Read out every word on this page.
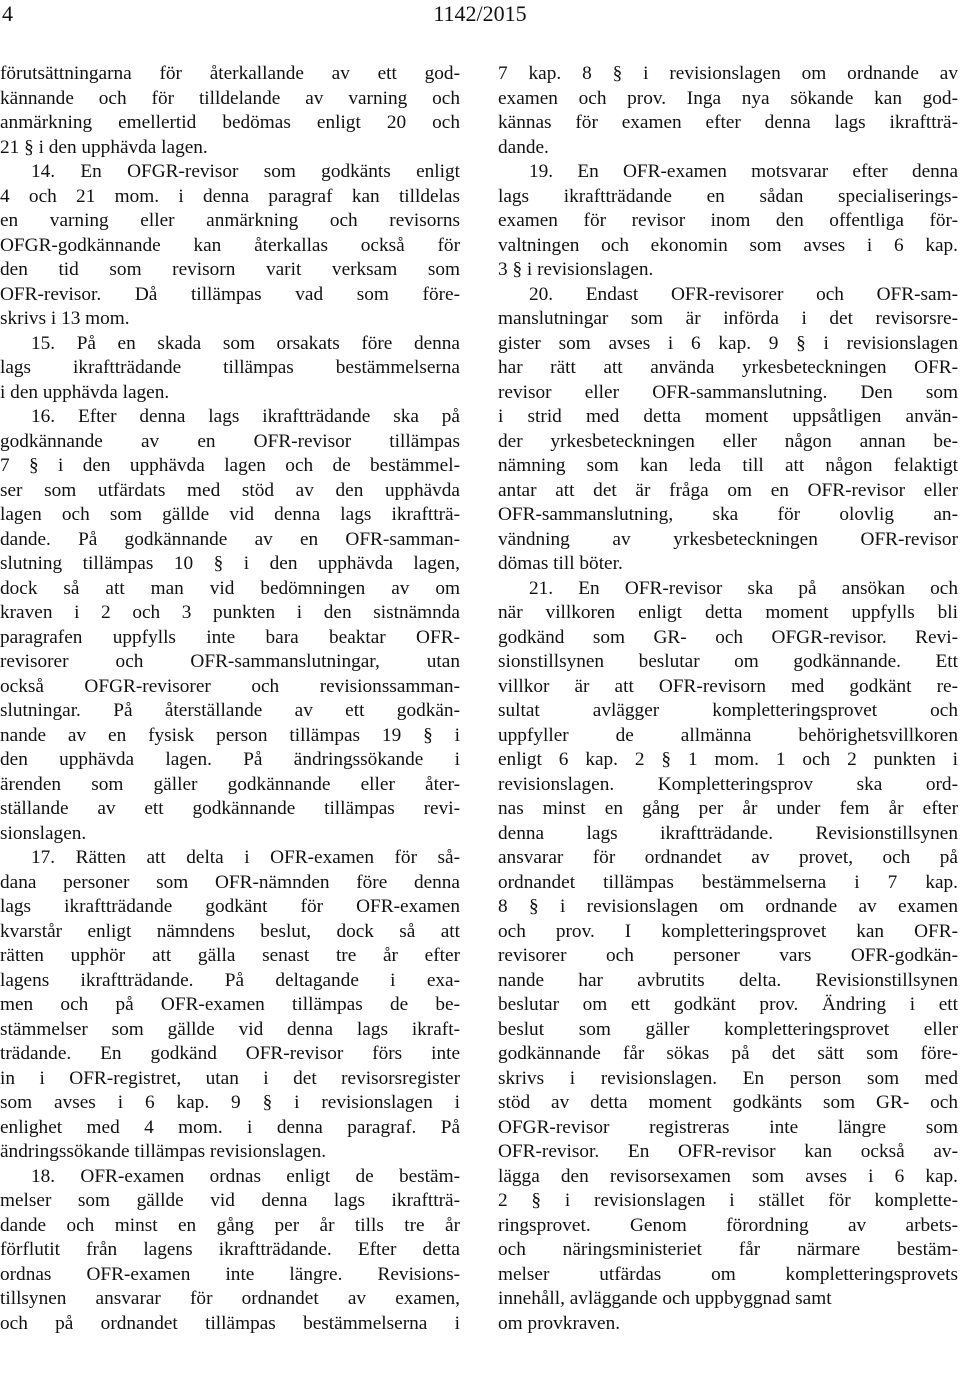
4	1142/2015
förutsättningarna för återkallande av ett god-
kännande och för tilldelande av varning och
anmärkning emellertid bedömas enligt 20 och
21 § i den upphävda lagen.
14. En OFGR-revisor som godkänts enligt
4 och 21 mom. i denna paragraf kan tilldelas
en varning eller anmärkning och revisorns
OFGR-godkännande kan återkallas också för
den tid som revisorn varit verksam som
OFR-revisor. Då tillämpas vad som före-
skrivs i 13 mom.
15. På en skada som orsakats före denna
lags ikraftträdande tillämpas bestämmelserna
i den upphävda lagen.
16. Efter denna lags ikraftträdande ska på
godkännande av en OFR-revisor tillämpas
7 § i den upphävda lagen och de bestämmel-
ser som utfärdats med stöd av den upphävda
lagen och som gällde vid denna lags ikraftträ-
dande. På godkännande av en OFR-samman-
slutning tillämpas 10 § i den upphävda lagen,
dock så att man vid bedömningen av om
kraven i 2 och 3 punkten i den sistnämnda
paragrafen uppfylls inte bara beaktar OFR-
revisorer och OFR-sammanslutningar, utan
också OFGR-revisorer och revisionssamman-
slutningar. På återställande av ett godkän-
nande av en fysisk person tillämpas 19 § i
den upphävda lagen. På ändringssökande i
ärenden som gäller godkännande eller åter-
ställande av ett godkännande tillämpas revi-
sionslagen.
17. Rätten att delta i OFR-examen för så-
dana personer som OFR-nämnden före denna
lags ikraftträdande godkänt för OFR-examen
kvarstår enligt nämndens beslut, dock så att
rätten upphör att gälla senast tre år efter
lagens ikraftträdande. På deltagande i exa-
men och på OFR-examen tillämpas de be-
stämmelser som gällde vid denna lags ikraft-
trädande. En godkänd OFR-revisor förs inte
in i OFR-registret, utan i det revisorsregister
som avses i 6 kap. 9 § i revisionslagen i
enlighet med 4 mom. i denna paragraf. På
ändringssökande tillämpas revisionslagen.
18. OFR-examen ordnas enligt de bestäm-
melser som gällde vid denna lags ikraftträ-
dande och minst en gång per år tills tre år
förflutit från lagens ikraftträdande. Efter detta
ordnas OFR-examen inte längre. Revisions-
tillsynen ansvarar för ordnandet av examen,
och på ordnandet tillämpas bestämmelserna i
7 kap. 8 § i revisionslagen om ordnande av
examen och prov. Inga nya sökande kan god-
kännas för examen efter denna lags ikraftträ-
dande.
19. En OFR-examen motsvarar efter denna
lags ikraftträdande en sådan specialiserings-
examen för revisor inom den offentliga för-
valtningen och ekonomin som avses i 6 kap.
3 § i revisionslagen.
20. Endast OFR-revisorer och OFR-sam-
manslutningar som är införda i det revisorsre-
gister som avses i 6 kap. 9 § i revisionslagen
har rätt att använda yrkesbeteckningen OFR-
revisor eller OFR-sammanslutning. Den som
i strid med detta moment uppsåtligen använ-
der yrkesbeteckningen eller någon annan be-
nämning som kan leda till att någon felaktigt
antar att det är fråga om en OFR-revisor eller
OFR-sammanslutning, ska för olovlig an-
vändning av yrkesbeteckningen OFR-revisor
dömas till böter.
21. En OFR-revisor ska på ansökan och
när villkoren enligt detta moment uppfylls bli
godkänd som GR- och OFGR-revisor. Revi-
sionstillsynen beslutar om godkännande. Ett
villkor är att OFR-revisorn med godkänt re-
sultat avlägger kompletteringsprovet och
uppfyller de allmänna behörighetsvillkoren
enligt 6 kap. 2 § 1 mom. 1 och 2 punkten i
revisionslagen. Kompletteringsprov ska ord-
nas minst en gång per år under fem år efter
denna lags ikraftträdande. Revisionstillsynen
ansvarar för ordnandet av provet, och på
ordnandet tillämpas bestämmelserna i 7 kap.
8 § i revisionslagen om ordnande av examen
och prov. I kompletteringsprovet kan OFR-
revisorer och personer vars OFR-godkän-
nande har avbrutits delta. Revisionstillsynen
beslutar om ett godkänt prov. Ändring i ett
beslut som gäller kompletteringsprovet eller
godkännande får sökas på det sätt som före-
skrivs i revisionslagen. En person som med
stöd av detta moment godkänts som GR- och
OFGR-revisor registreras inte längre som
OFR-revisor. En OFR-revisor kan också av-
lägga den revisorsexamen som avses i 6 kap.
2 § i revisionslagen i stället för komplette-
ringsprovet. Genom förordning av arbets-
och näringsministeriet får närmare bestäm-
melser utfärdas om kompletteringsprovets
innehåll, avläggande och uppbyggnad samt
om provkraven.
